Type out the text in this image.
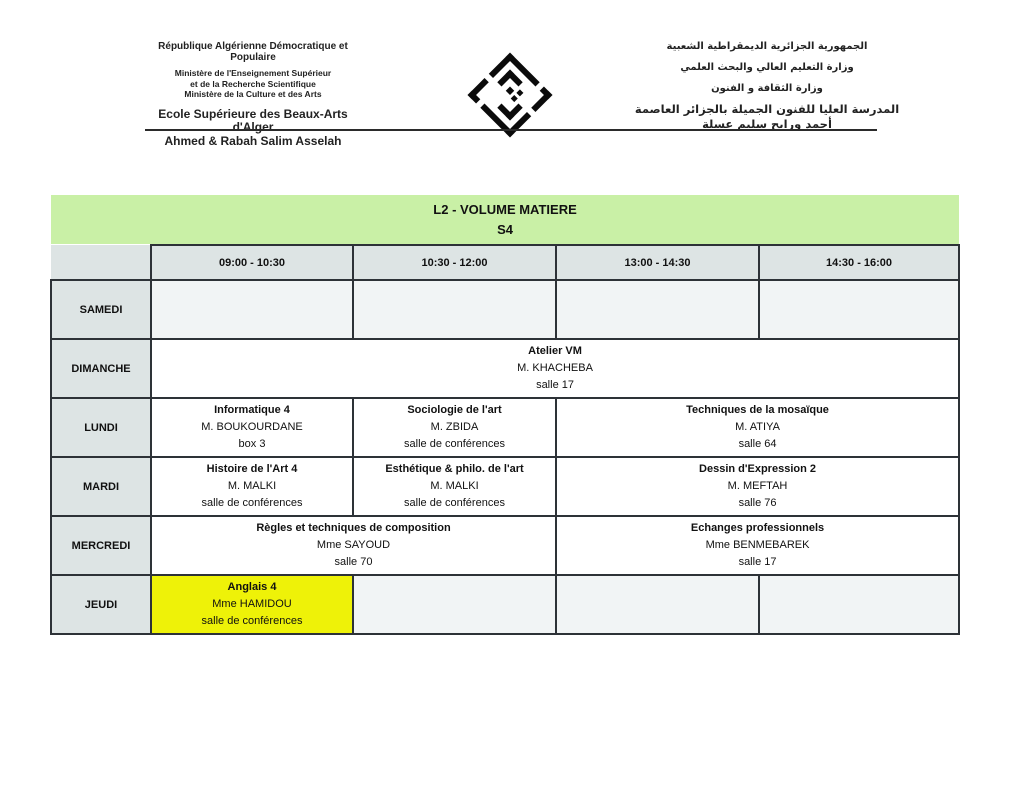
République Algérienne Démocratique et Populaire
Ministère de l'Enseignement Supérieur
et de la Recherche Scientifique
Ministère de la Culture et des Arts
Ecole Supérieure des Beaux-Arts d'Alger
Ahmed & Rabah Salim Asselah
الجمهورية الجزائرية الديمقراطية الشعبية
وزارة التعليم العالي والبحث العلمي
وزارة الثقافة و الفنون
المدرسة العليا للفنون الجميلة بالجزائر العاصمة
أحمد ورابح سليم عسلة
L2 - VOLUME MATIERE
S4				

	09:00 - 10:30	10:30 - 12:00	13:00 - 14:30	14:30 - 16:00
SAMEDI				
DIMANCHE	Atelier VM
M. KHACHEBA
salle 17			

LUNDI	Informatique 4
M. BOUKOURDANE
box 3	Sociologie de l'art
M. ZBIDA
salle de conférences	Techniques de la mosaïque
M. ATIYA
salle 64	

MARDI	Histoire de l'Art 4
M. MALKI
salle de conférences	Esthétique & philo. de l'art
M. MALKI
salle de conférences	Dessin d'Expression 2
M. MEFTAH
salle 76	

MERCREDI	Règles et techniques de composition
Mme SAYOUD
salle 70		Echanges professionnels
Mme BENMEBAREK
salle 17	

JEUDI	Anglais 4
Mme HAMIDOU
salle de conférences			
